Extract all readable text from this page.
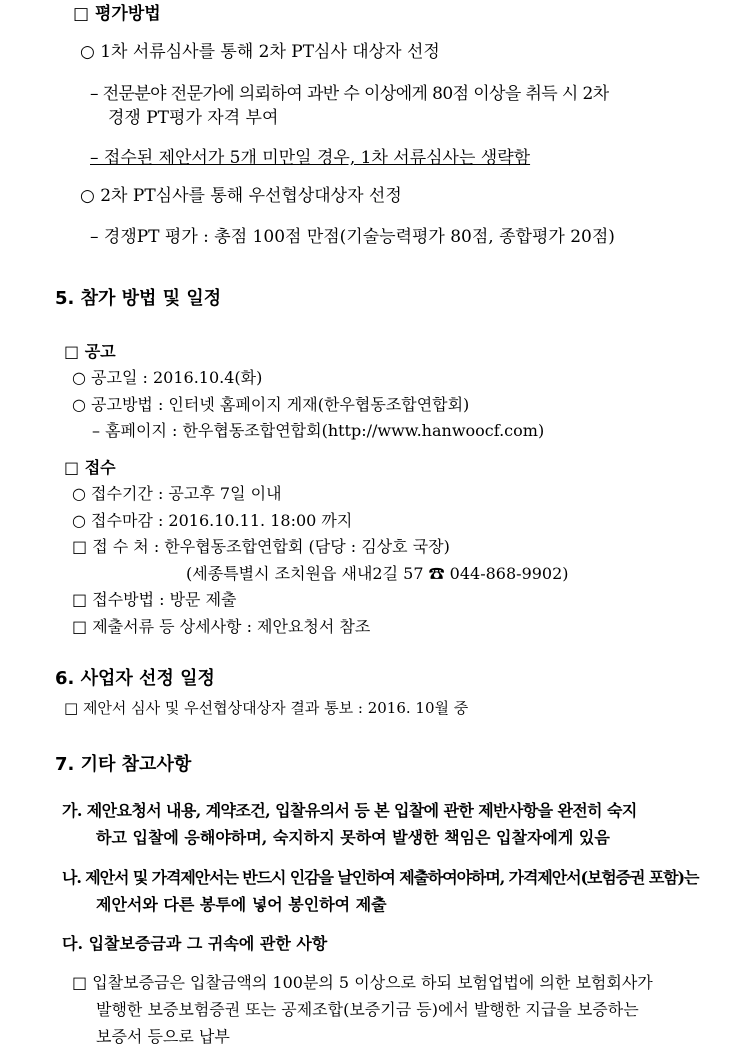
□ 평가방법
○ 1차 서류심사를 통해 2차 PT심사 대상자 선정
– 전문분야 전문가에 의뢰하여 과반 수 이상에게 80점 이상을 취득 시 2차
경쟁 PT평가 자격 부여
– 접수된 제안서가 5개 미만일 경우, 1차 서류심사는 생략함
○ 2차 PT심사를 통해 우선협상대상자 선정
– 경쟁PT 평가 : 총점 100점 만점(기술능력평가 80점, 종합평가 20점)
5. 참가 방법 및 일정
□ 공고
○ 공고일 : 2016.10.4(화)
○ 공고방법 : 인터넷 홈페이지 게재(한우협동조합연합회)
– 홈페이지 : 한우협동조합연합회(http://www.hanwoocf.com)
□ 접수
○ 접수기간 : 공고후 7일 이내
○ 접수마감 : 2016.10.11. 18:00 까지
□ 접 수 처 : 한우협동조합연합회 (담당 : 김상호 국장)
(세종특별시 조치원읍 새내2길 57 ☎ 044-868-9902)
□ 접수방법 : 방문 제출
□ 제출서류 등 상세사항 : 제안요청서 참조
6. 사업자 선정 일정
□ 제안서 심사 및 우선협상대상자 결과 통보 : 2016. 10월 중
7. 기타 참고사항
가. 제안요청서 내용, 계약조건, 입찰유의서 등 본 입찰에 관한 제반사항을 완전히 숙지
하고 입찰에 응해야하며, 숙지하지 못하여 발생한 책임은 입찰자에게 있음
나. 제안서 및 가격제안서는 반드시 인감을 날인하여 제출하여야하며, 가격제안서(보험증권 포함)는
제안서와 다른 봉투에 넣어 봉인하여 제출
다. 입찰보증금과 그 귀속에 관한 사항
□ 입찰보증금은 입찰금액의 100분의 5 이상으로 하되 보험업법에 의한 보험회사가
발행한 보증보험증권 또는 공제조합(보증기금 등)에서 발행한 지급을 보증하는
보증서 등으로 납부
